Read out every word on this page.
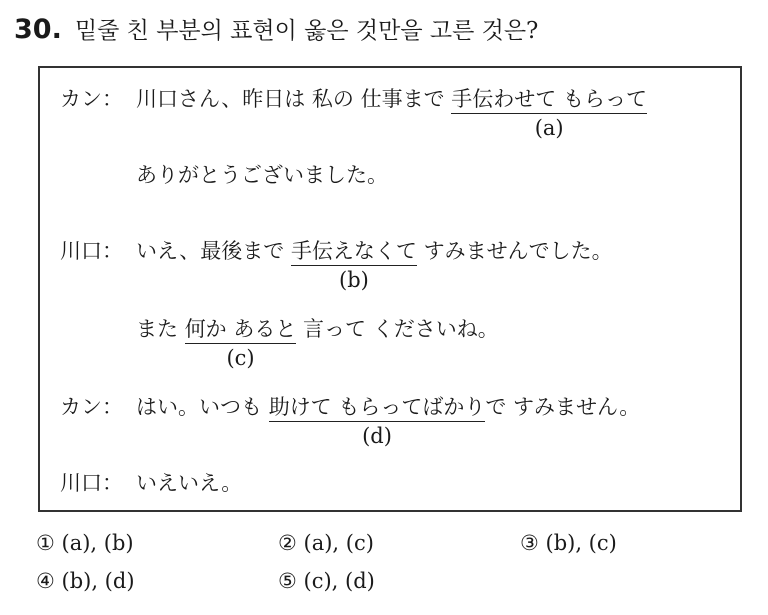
30. 밑줄 친 부분의 표현이 옳은 것만을 고른 것은?
カン： 川口さん、昨日は 私の 仕事まで 手伝わせて もらって
(a)
ありがとうございました。
川口： いえ、最後まで 手伝えなくて
(b)
すみませんでした。
また 何か あると
(c)
言って くださいね。
カン： はい。いつも 助けて もらってばかり
(d)
で すみません。
川口： いえいえ。
① (a), (b)	② (a), (c)	③ (b), (c)
④ (b), (d)	⑤ (c), (d)
